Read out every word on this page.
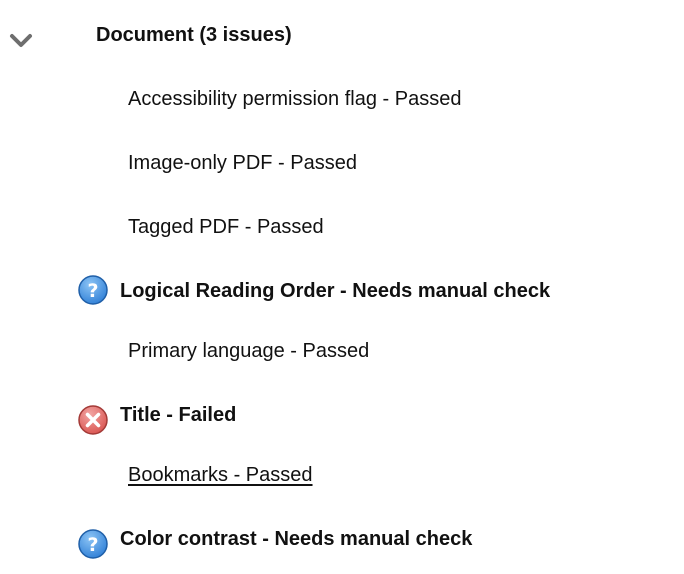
Document (3 issues)
Accessibility permission flag - Passed
Image-only PDF - Passed
Tagged PDF - Passed
? Logical Reading Order - Needs manual check
Primary language - Passed
Title - Failed
Bookmarks - Passed
? Color contrast - Needs manual check
